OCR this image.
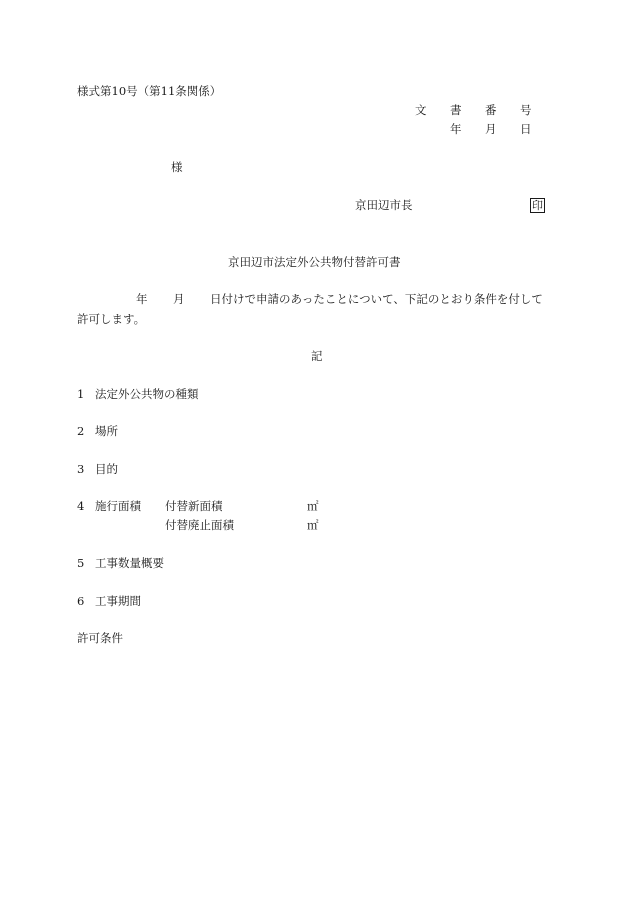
様式第10号（第11条関係）
文 書 番 号
年 月 日
様
京田辺市長	印
京田辺市法定外公共物付替許可書
年 月 日付けで申請のあったことについて、下記のとおり条件を付して
許可します。
記
1 法定外公共物の種類
2 場所
3 目的
4 施行面積 付替新面積	㎡
付替廃止面積	㎡
5 工事数量概要
6 工事期間
許可条件
